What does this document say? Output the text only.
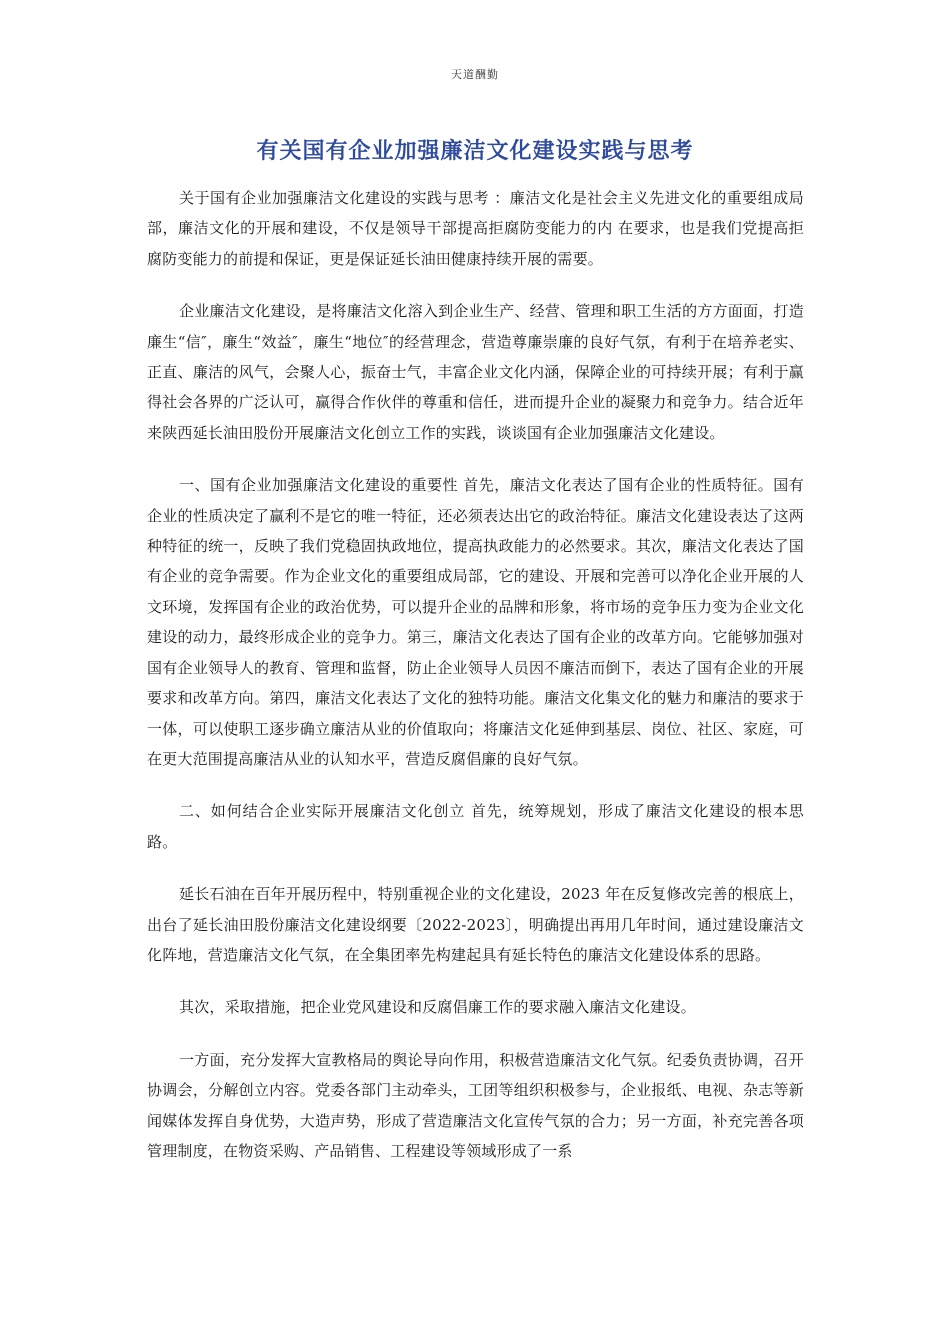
天道酬勤
有关国有企业加强廉洁文化建设实践与思考

关于国有企业加强廉洁文化建设的实践与思考 ：廉洁文化是社会主义先进文化的重要组成局部，廉洁文化的开展和建设，不仅是领导干部提高拒腐防变能力的内 在要求，也是我们党提高拒腐防变能力的前提和保证，更是保证延长油田健康持续开展的需要。

企业廉洁文化建设，是将廉洁文化溶入到企业生产、经营、管理和职工生活的方方面面，打造廉生“信″，廉生“效益″，廉生“地位″的经营理念，营造尊廉崇廉的良好气氛，有利于在培养老实、正直、廉洁的风气，会聚人心，振奋士气，丰富企业文化内涵，保障企业的可持续开展；有利于赢得社会各界的广泛认可，赢得合作伙伴的尊重和信任，进而提升企业的凝聚力和竞争力。结合近年来陕西延长油田股份开展廉洁文化创立工作的实践，谈谈国有企业加强廉洁文化建设。

一、国有企业加强廉洁文化建设的重要性 首先，廉洁文化表达了国有企业的性质特征。国有企业的性质决定了赢利不是它的唯一特征，还必须表达出它的政治特征。廉洁文化建设表达了这两种特征的统一，反映了我们党稳固执政地位，提高执政能力的必然要求。其次，廉洁文化表达了国有企业的竞争需要。作为企业文化的重要组成局部，它的建设、开展和完善可以净化企业开展的人文环境，发挥国有企业的政治优势，可以提升企业的品牌和形象，将市场的竞争压力变为企业文化建设的动力，最终形成企业的竞争力。第三，廉洁文化表达了国有企业的改革方向。它能够加强对国有企业领导人的教育、管理和监督，防止企业领导人员因不廉洁而倒下，表达了国有企业的开展要求和改革方向。第四，廉洁文化表达了文化的独特功能。廉洁文化集文化的魅力和廉洁的要求于一体，可以使职工逐步确立廉洁从业的价值取向；将廉洁文化延伸到基层、岗位、社区、家庭，可在更大范围提高廉洁从业的认知水平，营造反腐倡廉的良好气氛。

二、如何结合企业实际开展廉洁文化创立 首先，统筹规划，形成了廉洁文化建设的根本思路。

延长石油在百年开展历程中，特别重视企业的文化建设，2023 年在反复修改完善的根底上，出台了延长油田股份廉洁文化建设纲要〔2022-2023〕，明确提出再用几年时间，通过建设廉洁文化阵地，营造廉洁文化气氛，在全集团率先构建起具有延长特色的廉洁文化建设体系的思路。

其次，采取措施，把企业党风建设和反腐倡廉工作的要求融入廉洁文化建设。

一方面，充分发挥大宣教格局的舆论导向作用，积极营造廉洁文化气氛。纪委负责协调，召开协调会，分解创立内容。党委各部门主动牵头，工团等组织积极参与，企业报纸、电视、杂志等新闻媒体发挥自身优势，大造声势，形成了营造廉洁文化宣传气氛的合力；另一方面，补充完善各项管理制度，在物资采购、产品销售、工程建设等领域形成了一系
